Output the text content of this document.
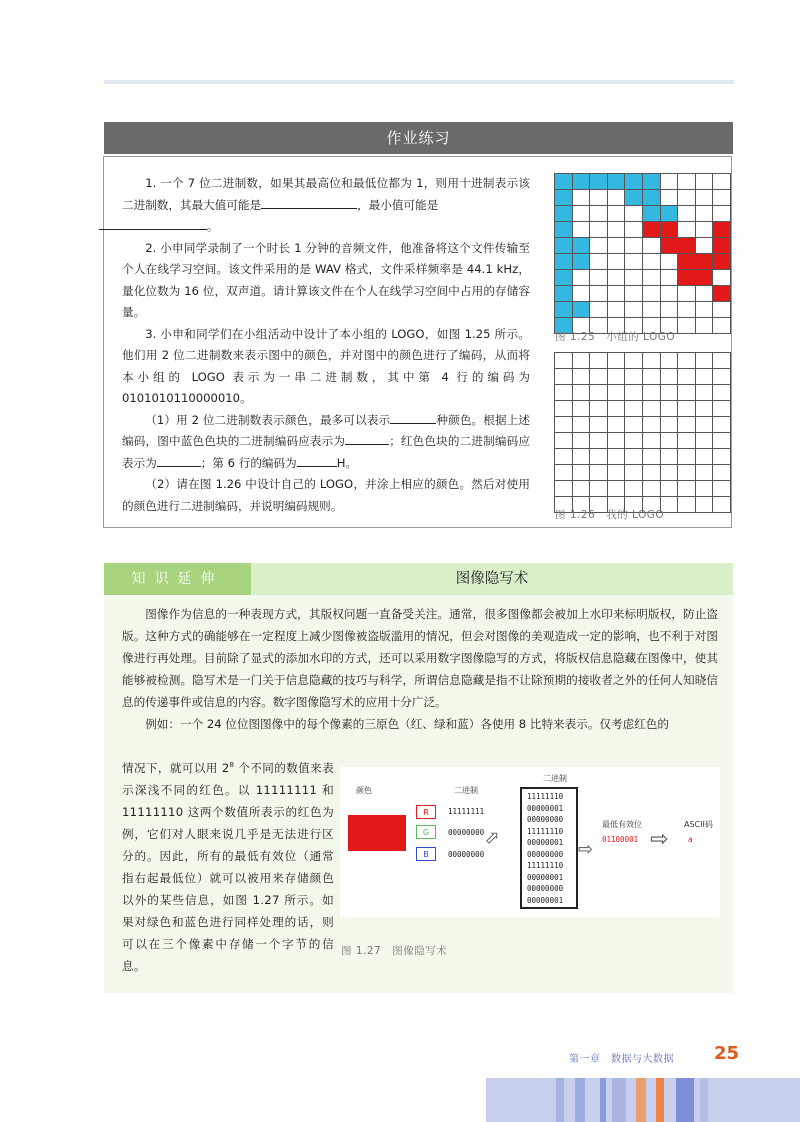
作业练习

1. 一个 7 位二进制数，如果其最高位和最低位都为 1，则用十进制表示该二进制数，其最大值可能是	，最小值可能是
。

2. 小申同学录制了一个时长 1 分钟的音频文件，他准备将这个文件传输至个人在线学习空间。该文件采用的是 WAV 格式，文件采样频率是 44.1 kHz，量化位数为 16 位，双声道。请计算该文件在个人在线学习空间中占用的存储容量。

3. 小申和同学们在小组活动中设计了本小组的 LOGO，如图 1.25 所示。他们用 2 位二进制数来表示图中的颜色，并对图中的颜色进行了编码，从而将本小组的 LOGO 表示为一串二进制数，其中第 4 行的编码为 0101010110000010。

（1）用 2 位二进制数表示颜色，最多可以表示	种颜色。根据上述编码，图中蓝色色块的二进制编码应表示为	；红色色块的二进制编码应表示为	；第 6 行的编码为	H。

（2）请在图 1.26 中设计自己的 LOGO，并涂上相应的颜色。然后对使用的颜色进行二进制编码，并说明编码规则。

图 1.25　小组的 LOGO

图 1.26　我的 LOGO
知识延伸	图像隐写术

图像作为信息的一种表现方式，其版权问题一直备受关注。通常，很多图像都会被加上水印来标明版权，防止盗版。这种方式的确能够在一定程度上减少图像被盗版滥用的情况，但会对图像的美观造成一定的影响，也不利于对图像进行再处理。目前除了显式的添加水印的方式，还可以采用数字图像隐写的方式，将版权信息隐藏在图像中，使其能够被检测。隐写术是一门关于信息隐藏的技巧与科学，所谓信息隐藏是指不让除预期的接收者之外的任何人知晓信息的传递事件或信息的内容。数字图像隐写术的应用十分广泛。

例如：一个 24 位位图图像中的每个像素的三原色（红、绿和蓝）各使用 8 比特来表示。仅考虑红色的

情况下，就可以用 $2^8$ 个不同的数值来表示深浅不同的红色。以 11111111 和 11111110 这两个数值所表示的红色为例，它们对人眼来说几乎是无法进行区分的。因此，所有的最低有效位（通常指右起最低位）就可以被用来存储颜色以外的某些信息，如图 1.27 所示。如果对绿色和蓝色进行同样处理的话，则可以在三个像素中存储一个字节的信息。
颜色	二进制
R
G
B
11111111
00000000
00000000
⇨
二进制
11111110
00000001
00000000
11111110
00000001
00000000
11111110
00000001
00000000
00000001
⇨
最低有效位
01100001 ⇨
ASCII码
a
图 1.27　图像隐写术
第一章　数据与大数据 25
